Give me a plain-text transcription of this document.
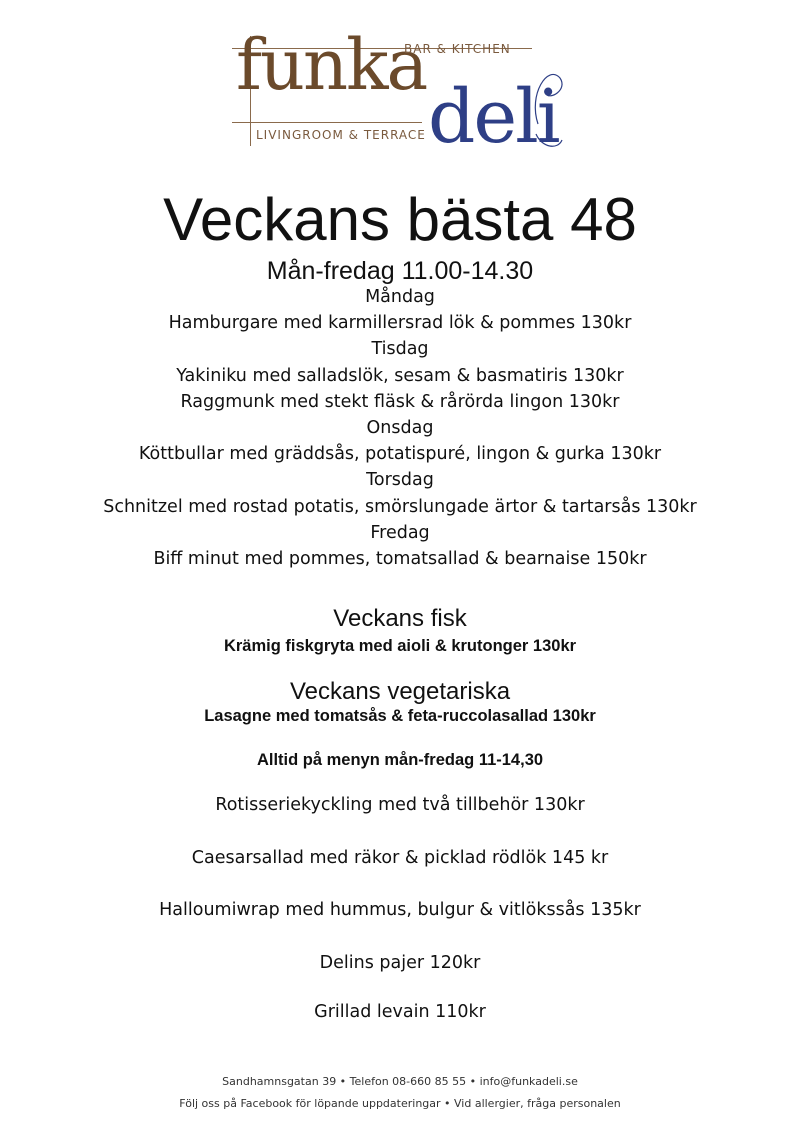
funka
deli
BAR & KITCHEN
LIVINGROOM & TERRACE
Veckans bästa 48
Mån-fredag 11.00-14.30
Måndag
Hamburgare med karmillersrad lök & pommes 130kr
Tisdag
Yakiniku med salladslök, sesam & basmatiris 130kr
Raggmunk med stekt fläsk & rårörda lingon 130kr
Onsdag
Köttbullar med gräddsås, potatispuré, lingon & gurka 130kr
Torsdag
Schnitzel med rostad potatis, smörslungade ärtor & tartarsås 130kr
Fredag
Biff minut med pommes, tomatsallad & bearnaise 150kr
Veckans fisk
Krämig fiskgryta med aioli & krutonger 130kr
Veckans vegetariska
Lasagne med tomatsås & feta-ruccolasallad 130kr
Alltid på menyn mån-fredag 11-14,30
Rotisseriekyckling med två tillbehör 130kr
Caesarsallad med räkor & picklad rödlök 145 kr
Halloumiwrap med hummus, bulgur & vitlökssås 135kr
Delins pajer 120kr
Grillad levain 110kr
Sandhamnsgatan 39 • Telefon 08-660 85 55 • info@funkadeli.se
Följ oss på Facebook för löpande uppdateringar • Vid allergier, fråga personalen
